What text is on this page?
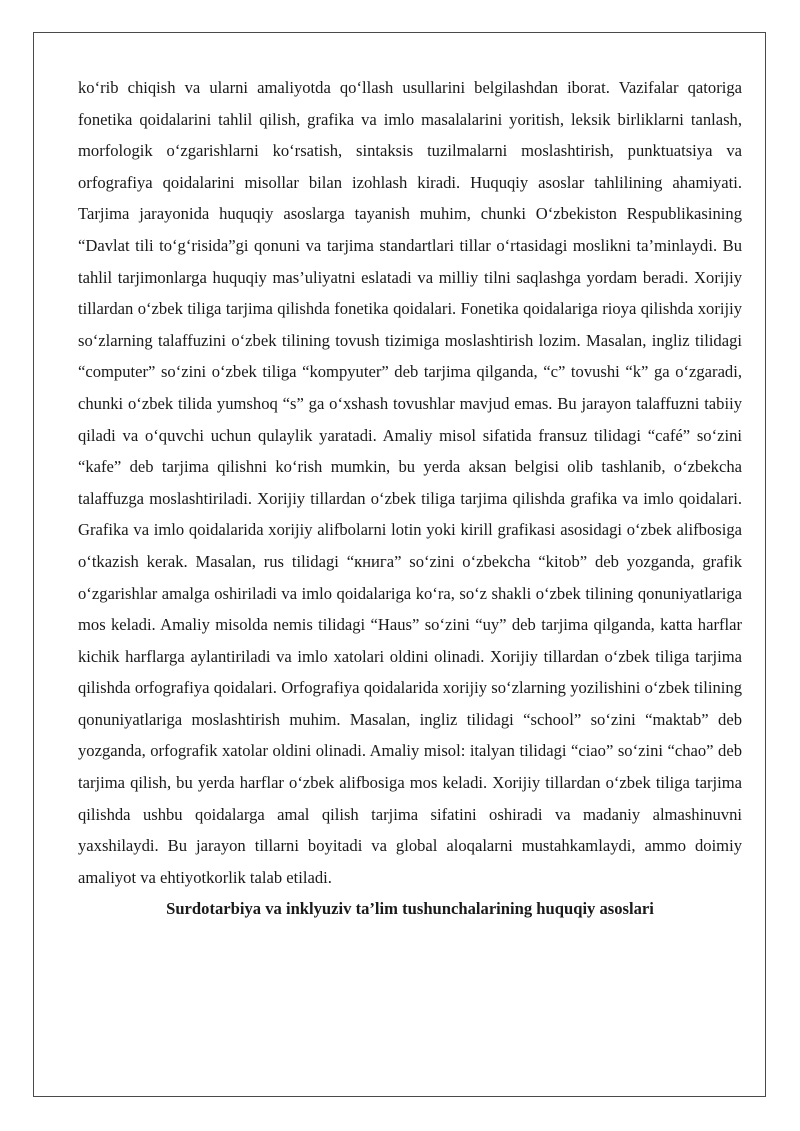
ko‘rib chiqish va ularni amaliyotda qo‘llash usullarini belgilashdan iborat. Vazifalar qatoriga fonetika qoidalarini tahlil qilish, grafika va imlo masalalarini yoritish, leksik birliklarni tanlash, morfologik o‘zgarishlarni ko‘rsatish, sintaksis tuzilmalarni moslashtirish, punktuatsiya va orfografiya qoidalarini misollar bilan izohlash kiradi. Huquqiy asoslar tahlilining ahamiyati. Tarjima jarayonida huquqiy asoslarga tayanish muhim, chunki O‘zbekiston Respublikasining “Davlat tili to‘g‘risida”gi qonuni va tarjima standartlari tillar o‘rtasidagi moslikni ta’minlaydi. Bu tahlil tarjimonlarga huquqiy mas’uliyatni eslatadi va milliy tilni saqlashga yordam beradi. Xorijiy tillardan o‘zbek tiliga tarjima qilishda fonetika qoidalari. Fonetika qoidalariga rioya qilishda xorijiy so‘zlarning talaffuzini o‘zbek tilining tovush tizimiga moslashtirish lozim. Masalan, ingliz tilidagi “computer” so‘zini o‘zbek tiliga “kompyuter” deb tarjima qilganda, “c” tovushi “k” ga o‘zgaradi, chunki o‘zbek tilida yumshoq “s” ga o‘xshash tovushlar mavjud emas. Bu jarayon talaffuzni tabiiy qiladi va o‘quvchi uchun qulaylik yaratadi. Amaliy misol sifatida fransuz tilidagi “café” so‘zini “kafe” deb tarjima qilishni ko‘rish mumkin, bu yerda aksan belgisi olib tashlanib, o‘zbekcha talaffuzga moslashtiriladi. Xorijiy tillardan o‘zbek tiliga tarjima qilishda grafika va imlo qoidalari. Grafika va imlo qoidalarida xorijiy alifbolarni lotin yoki kirill grafikasi asosidagi o‘zbek alifbosiga o‘tkazish kerak. Masalan, rus tilidagi “книга” so‘zini o‘zbekcha “kitob” deb yozganda, grafik o‘zgarishlar amalga oshiriladi va imlo qoidalariga ko‘ra, so‘z shakli o‘zbek tilining qonuniyatlariga mos keladi. Amaliy misolda nemis tilidagi “Haus” so‘zini “uy” deb tarjima qilganda, katta harflar kichik harflarga aylantiriladi va imlo xatolari oldini olinadi. Xorijiy tillardan o‘zbek tiliga tarjima qilishda orfografiya qoidalari. Orfografiya qoidalarida xorijiy so‘zlarning yozilishini o‘zbek tilining qonuniyatlariga moslashtirish muhim. Masalan, ingliz tilidagi “school” so‘zini “maktab” deb yozganda, orfografik xatolar oldini olinadi. Amaliy misol: italyan tilidagi “ciao” so‘zini “chao” deb tarjima qilish, bu yerda harflar o‘zbek alifbosiga mos keladi. Xorijiy tillardan o‘zbek tiliga tarjima qilishda ushbu qoidalarga amal qilish tarjima sifatini oshiradi va madaniy almashinuvni yaxshilaydi. Bu jarayon tillarni boyitadi va global aloqalarni mustahkamlaydi, ammo doimiy amaliyot va ehtiyotkorlik talab etiladi.

Surdotarbiya va inklyuziv ta’lim tushunchalarining huquqiy asoslari
